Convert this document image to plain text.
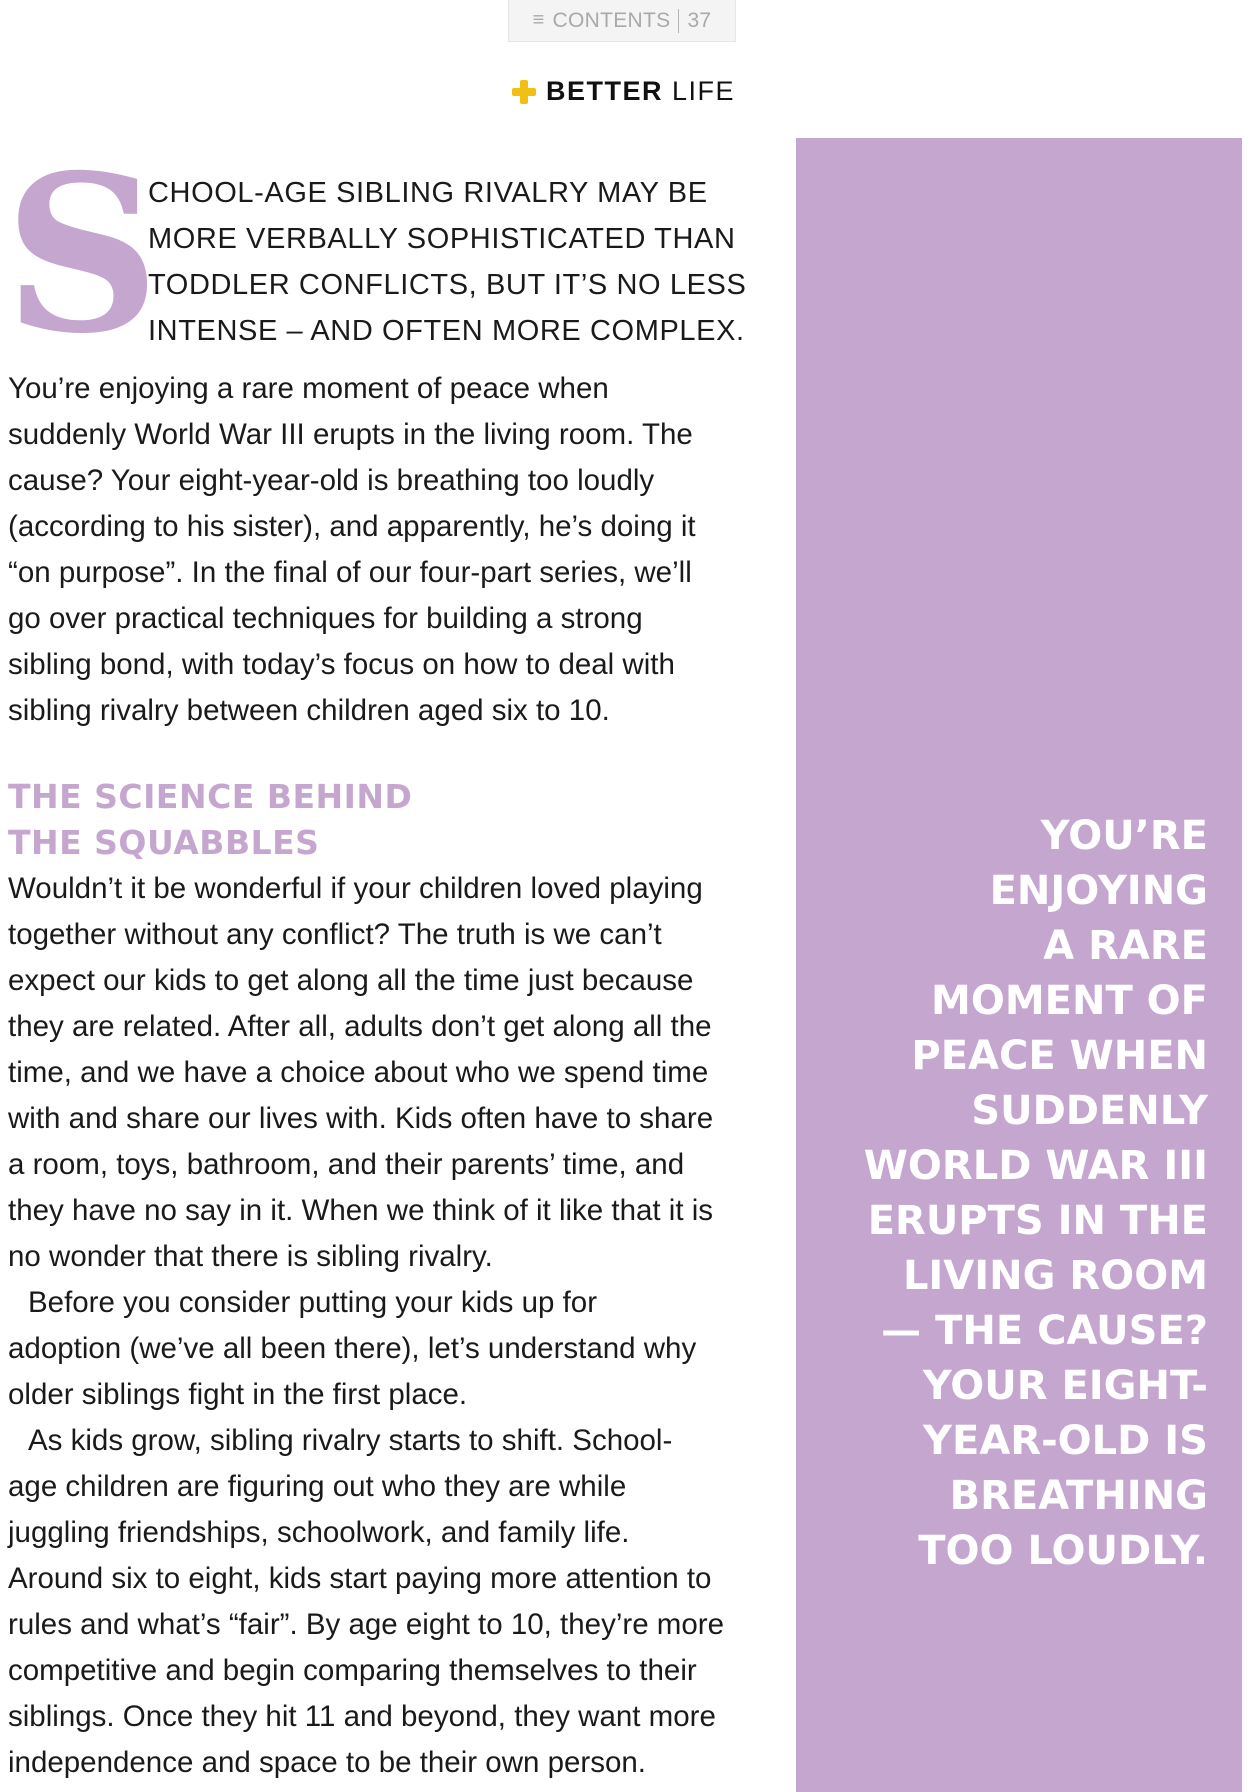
≡ CONTENTS 37
BETTER LIFE
S
CHOOL-AGE SIBLING RIVALRY MAY BE
MORE VERBALLY SOPHISTICATED THAN
TODDLER CONFLICTS, BUT IT’S NO LESS
INTENSE – AND OFTEN MORE COMPLEX.
You’re enjoying a rare moment of peace when
suddenly World War III erupts in the living room. The
cause? Your eight-year-old is breathing too loudly
(according to his sister), and apparently, he’s doing it
“on purpose”. In the final of our four-part series, we’ll
go over practical techniques for building a strong
sibling bond, with today’s focus on how to deal with
sibling rivalry between children aged six to 10.
THE SCIENCE BEHIND
THE SQUABBLES
Wouldn’t it be wonderful if your children loved playing
together without any conflict? The truth is we can’t
expect our kids to get along all the time just because
they are related. After all, adults don’t get along all the
time, and we have a choice about who we spend time
with and share our lives with. Kids often have to share
a room, toys, bathroom, and their parents’ time, and
they have no say in it. When we think of it like that it is
no wonder that there is sibling rivalry.
Before you consider putting your kids up for
adoption (we’ve all been there), let’s understand why
older siblings fight in the first place.
As kids grow, sibling rivalry starts to shift. School-
age children are figuring out who they are while
juggling friendships, schoolwork, and family life.
Around six to eight, kids start paying more attention to
rules and what’s “fair”. By age eight to 10, they’re more
competitive and begin comparing themselves to their
siblings. Once they hit 11 and beyond, they want more
independence and space to be their own person.
YOU’RE
ENJOYING
A RARE
MOMENT OF
PEACE WHEN
SUDDENLY
WORLD WAR III
ERUPTS IN THE
LIVING ROOM
— THE CAUSE?
YOUR EIGHT-
YEAR-OLD IS
BREATHING
TOO LOUDLY.
